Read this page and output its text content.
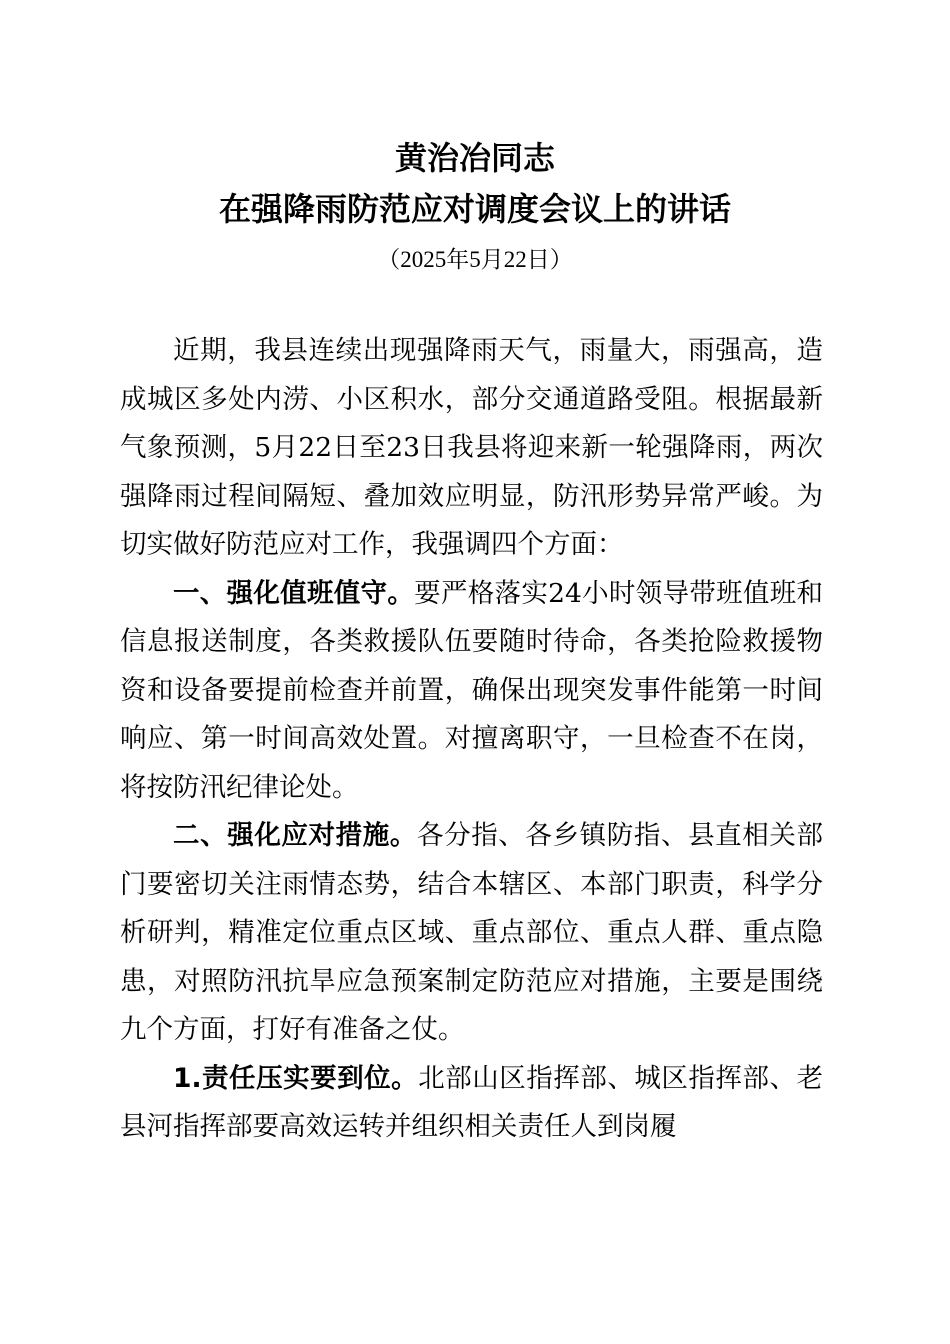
黄治冶同志
在强降雨防范应对调度会议上的讲话
（2025年5月22日）

近期，我县连续出现强降雨天气，雨量大，雨强高，造成城区多处内涝、小区积水，部分交通道路受阻。根据最新气象预测，5月22日至23日我县将迎来新一轮强降雨，两次强降雨过程间隔短、叠加效应明显，防汛形势异常严峻。为切实做好防范应对工作，我强调四个方面：

一、强化值班值守。要严格落实24小时领导带班值班和信息报送制度，各类救援队伍要随时待命，各类抢险救援物资和设备要提前检查并前置，确保出现突发事件能第一时间响应、第一时间高效处置。对擅离职守，一旦检查不在岗，将按防汛纪律论处。

二、强化应对措施。各分指、各乡镇防指、县直相关部门要密切关注雨情态势，结合本辖区、本部门职责，科学分析研判，精准定位重点区域、重点部位、重点人群、重点隐患，对照防汛抗旱应急预案制定防范应对措施，主要是围绕九个方面，打好有准备之仗。

1.责任压实要到位。北部山区指挥部、城区指挥部、老县河指挥部要高效运转并组织相关责任人到岗履
